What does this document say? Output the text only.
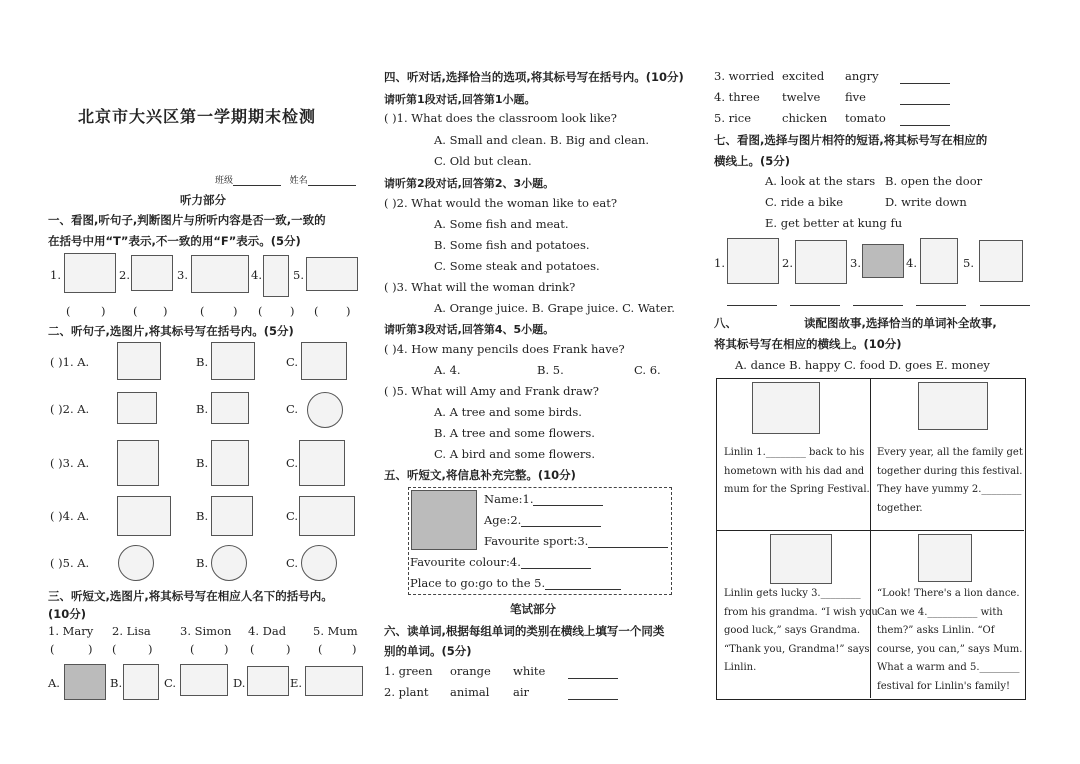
北京市大兴区第一学期期末检测
班级	姓名
听力部分
一、看图,听句子,判断图片与所听内容是否一致,一致的
在括号中用“T”表示,不一致的用“F”表示。(5分)
1.	2.	3.	4.	5.
(	) ( )	( ) ( ) ( )
二、听句子,选图片,将其标号写在括号内。(5分)
( )1. A.	B.	C.
( )2. A.	B.	C.
( )3. A.	B.	C.
( )4. A.	B.	C.
( )5. A.	B.	C.
三、听短文,选图片,将其标号写在相应人名下的括号内。
(10分)
1. Mary 2. Lisa	3. Simon 4. Dad 5. Mum
(	) (	)	(	) (	) (	)
A.	B.	C.	D.	E.
四、听对话,选择恰当的选项,将其标号写在括号内。(10分)
请听第1段对话,回答第1小题。
( )1. What does the classroom look like?
A. Small and clean. B. Big and clean.
C. Old but clean.
请听第2段对话,回答第2、3小题。
( )2. What would the woman like to eat?
A. Some fish and meat.
B. Some fish and potatoes.
C. Some steak and potatoes.
( )3. What will the woman drink?
A. Orange juice. B. Grape juice. C. Water.
请听第3段对话,回答第4、5小题。
( )4. How many pencils does Frank have?
A. 4.	B. 5.	C. 6.
( )5. What will Amy and Frank draw?
A. A tree and some birds.
B. A tree and some flowers.
C. A bird and some flowers.
五、听短文,将信息补充完整。(10分)
Name:1.
Age:2.
Favourite sport:3.
Favourite colour:4.
Place to go:go to the 5.
笔试部分
六、读单词,根据每组单词的类别在横线上填写一个同类
别的单词。(5分)
1. green orange white
2. plant animal air
3. worried excited angry
4. three twelve five
5. rice	chicken tomato
七、看图,选择与图片相符的短语,将其标号写在相应的
横线上。(5分)
A. look at the stars B. open the door
C. ride a bike	D. write down
E. get better at kung fu
1.	2.	3.	4.	5.
八、	读配图故事,选择恰当的单词补全故事,
将其标号写在相应的横线上。(10分)
A. dance B. happy C. food D. goes E. money
Linlin 1.________ back to his
hometown with his dad and
mum for the Spring Festival.
Every year, all the family get
together during this festival.
They have yummy 2.________
together.
Linlin gets lucky 3.________
from his grandma. “I wish you
good luck,” says Grandma.
“Thank you, Grandma!” says
Linlin.
“Look! There's a lion dance.
Can we 4.__________ with
them?” asks Linlin. “Of
course, you can,” says Mum.
What a warm and 5.________
festival for Linlin's family!
